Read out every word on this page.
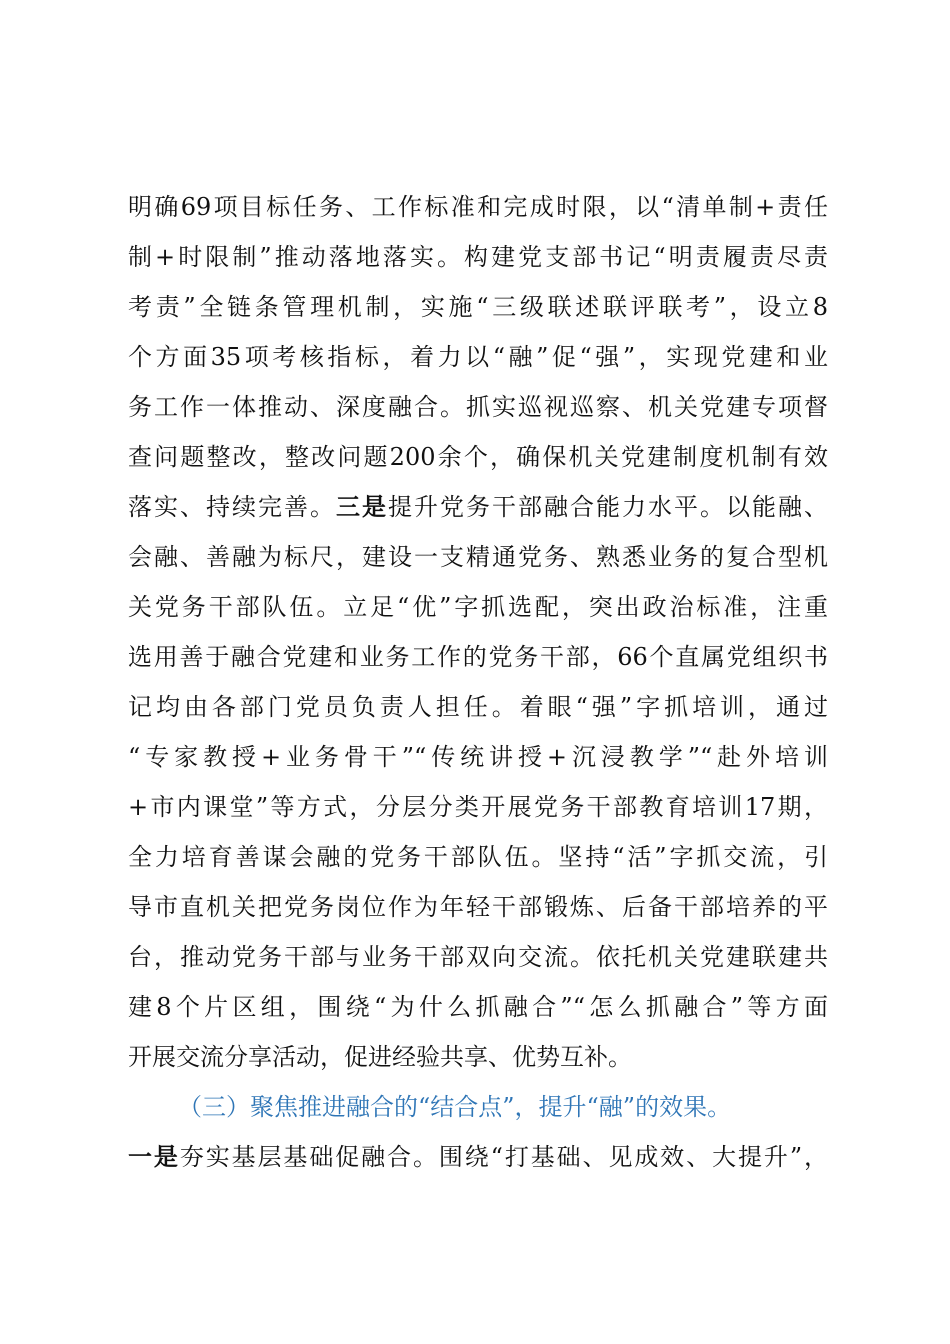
明确69项目标任务、工作标准和完成时限，以“清单制+责任
制+时限制”推动落地落实。构建党支部书记“明责履责尽责
考责”全链条管理机制，实施“三级联述联评联考”，设立8
个方面35项考核指标，着力以“融”促“强”，实现党建和业
务工作一体推动、深度融合。抓实巡视巡察、机关党建专项督
查问题整改，整改问题200余个，确保机关党建制度机制有效
落实、持续完善。三是提升党务干部融合能力水平。以能融、
会融、善融为标尺，建设一支精通党务、熟悉业务的复合型机
关党务干部队伍。立足“优”字抓选配，突出政治标准，注重
选用善于融合党建和业务工作的党务干部，66个直属党组织书
记均由各部门党员负责人担任。着眼“强”字抓培训，通过
“专家教授+业务骨干”“传统讲授+沉浸教学”“赴外培训
+市内课堂”等方式，分层分类开展党务干部教育培训17期，
全力培育善谋会融的党务干部队伍。坚持“活”字抓交流，引
导市直机关把党务岗位作为年轻干部锻炼、后备干部培养的平
台，推动党务干部与业务干部双向交流。依托机关党建联建共
建8个片区组，围绕“为什么抓融合”“怎么抓融合”等方面
开展交流分享活动，促进经验共享、优势互补。
（三）聚焦推进融合的“结合点”，提升“融”的效果。
一是夯实基层基础促融合。围绕“打基础、见成效、大提升”，
